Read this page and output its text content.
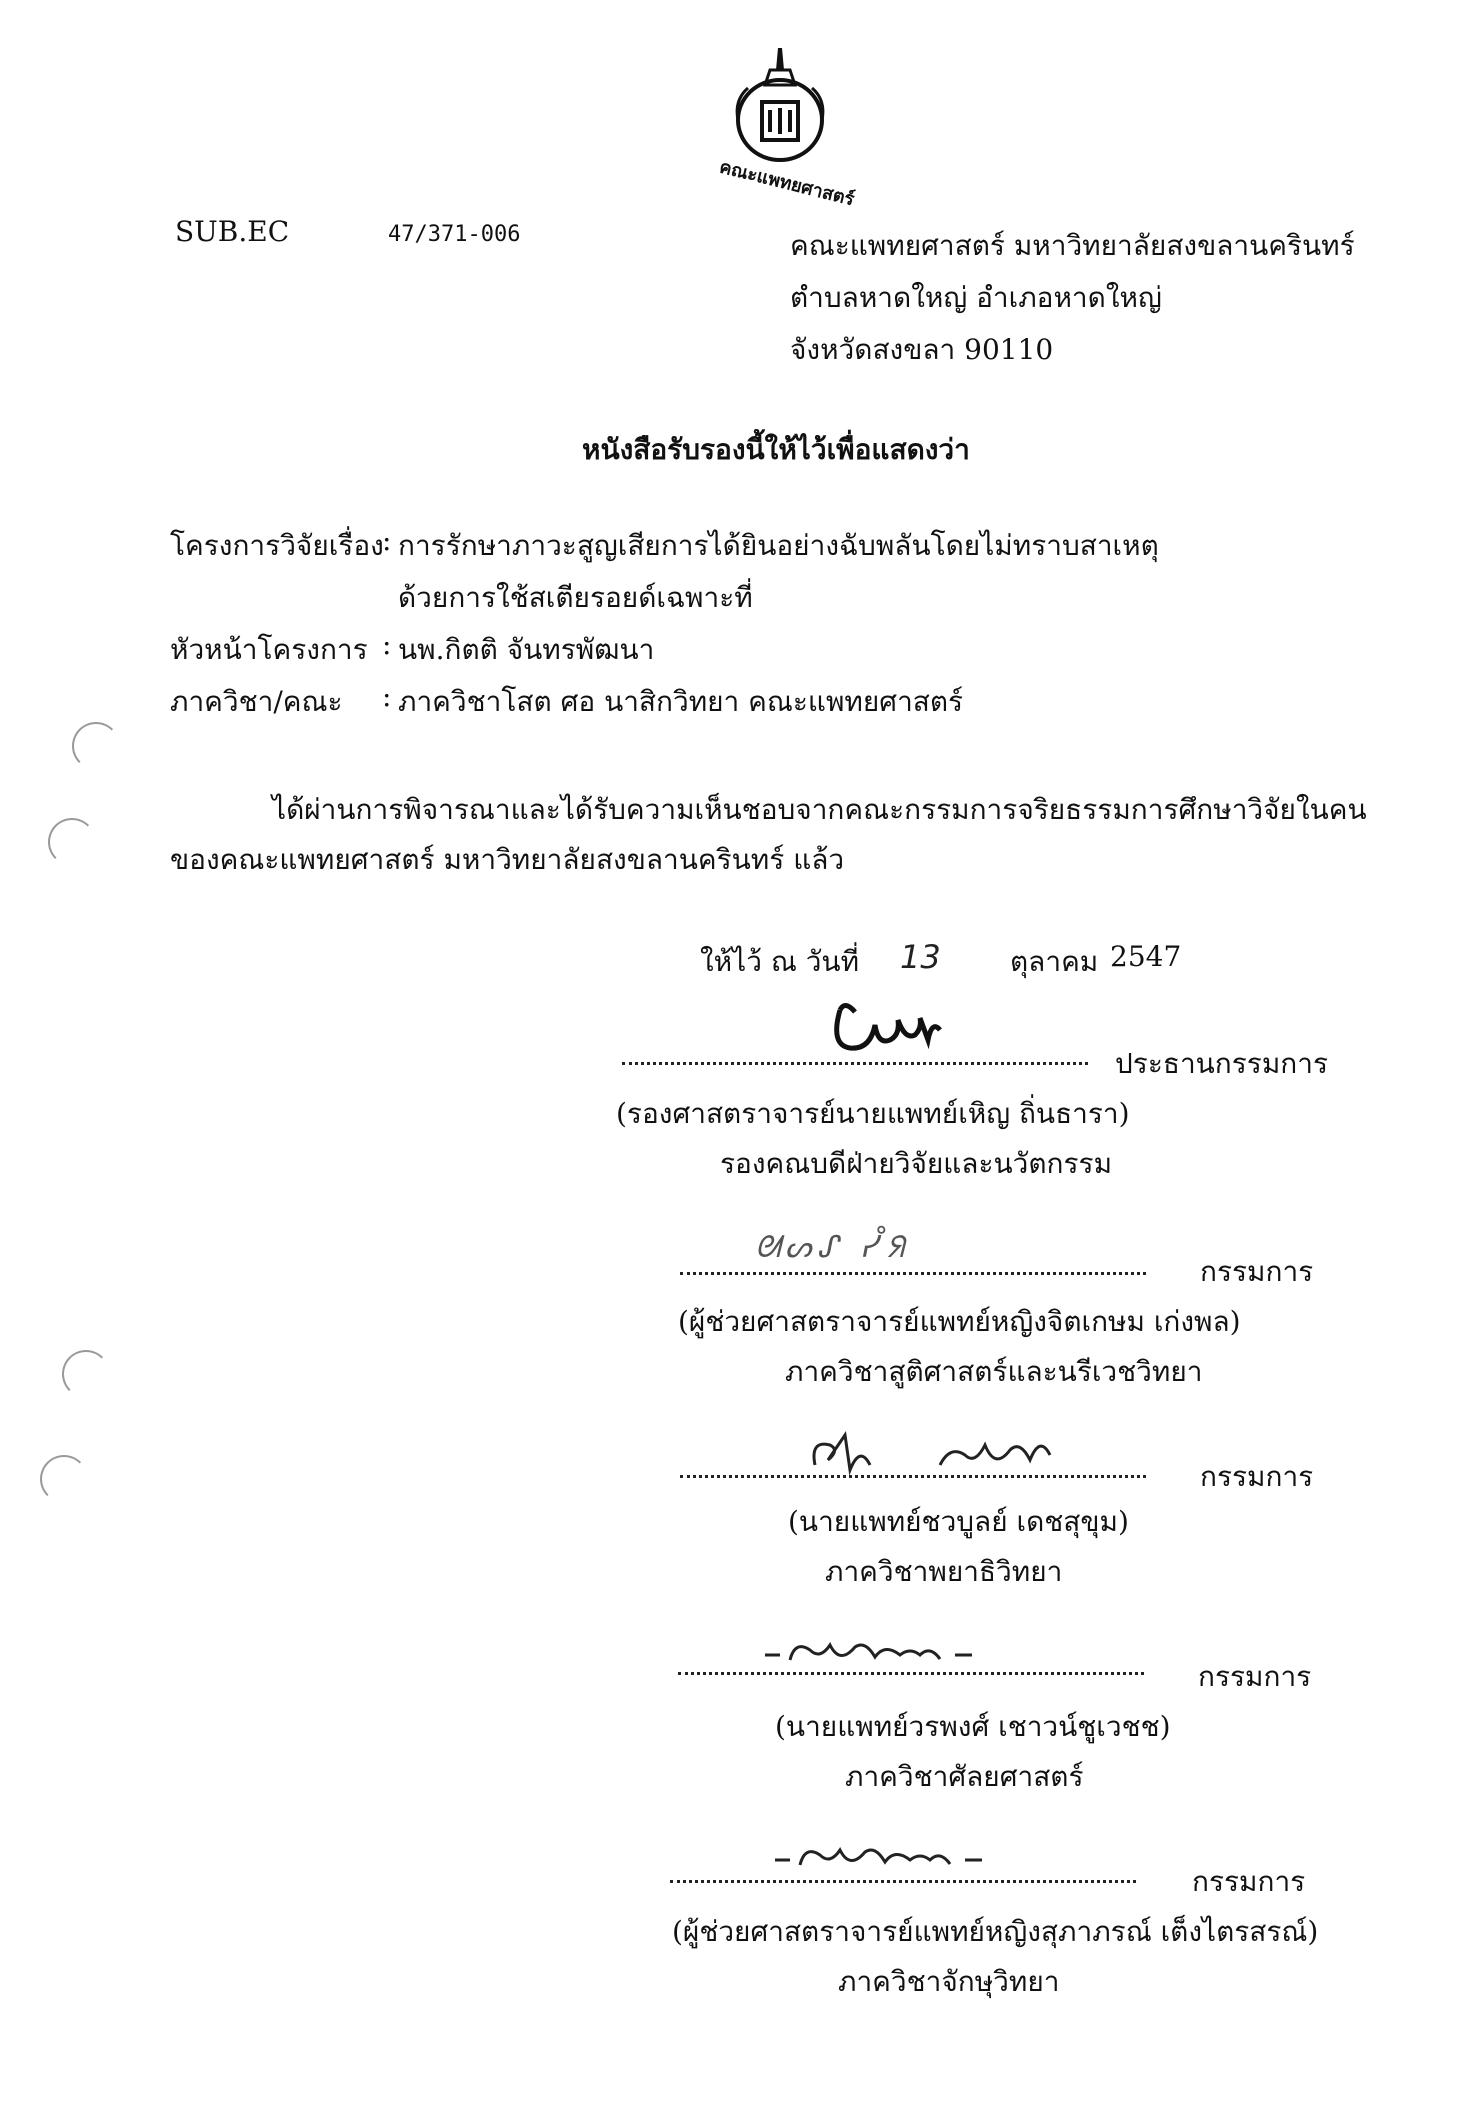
คณะแพทยศาสตร์
SUB.EC	47/371-006	คณะแพทยศาสตร์ มหาวิทยาลัยสงขลานครินทร์
ตำบลหาดใหญ่ อำเภอหาดใหญ่
จังหวัดสงขลา 90110
หนังสือรับรองนี้ให้ไว้เพื่อแสดงว่า
โครงการวิจัยเรื่อง
: การรักษาภาวะสูญเสียการได้ยินอย่างฉับพลันโดยไม่ทราบสาเหตุ
ด้วยการใช้สเตียรอยด์เฉพาะที่
หัวหน้าโครงการ : นพ.กิตติ จันทรพัฒนา
ภาควิชา/คณะ : ภาควิชาโสต ศอ นาสิกวิทยา คณะแพทยศาสตร์
ได้ผ่านการพิจารณาและได้รับความเห็นชอบจากคณะกรรมการจริยธรรมการศึกษาวิจัยในคน
ของคณะแพทยศาสตร์ มหาวิทยาลัยสงขลานครินทร์ แล้ว
ให้ไว้ ณ วันที่ 13 ตุลาคม 2547
ประธานกรรมการ
(รองศาสตราจารย์นายแพทย์เหิญ ถิ่นธารา)
รองคณบดีฝ่ายวิจัยและนวัตกรรม
ᘛᔕᔑ ᓮᖆ
กรรมการ
(ผู้ช่วยศาสตราจารย์แพทย์หญิงจิตเกษม เก่งพล)
ภาควิชาสูติศาสตร์และนรีเวชวิทยา
กรรมการ
(นายแพทย์ชวบูลย์ เดชสุขุม)
ภาควิชาพยาธิวิทยา
กรรมการ
(นายแพทย์วรพงศ์ เชาวน์ชูเวชช)
ภาควิชาศัลยศาสตร์
กรรมการ
(ผู้ช่วยศาสตราจารย์แพทย์หญิงสุภาภรณ์ เต็งไตรสรณ์)
ภาควิชาจักษุวิทยา
